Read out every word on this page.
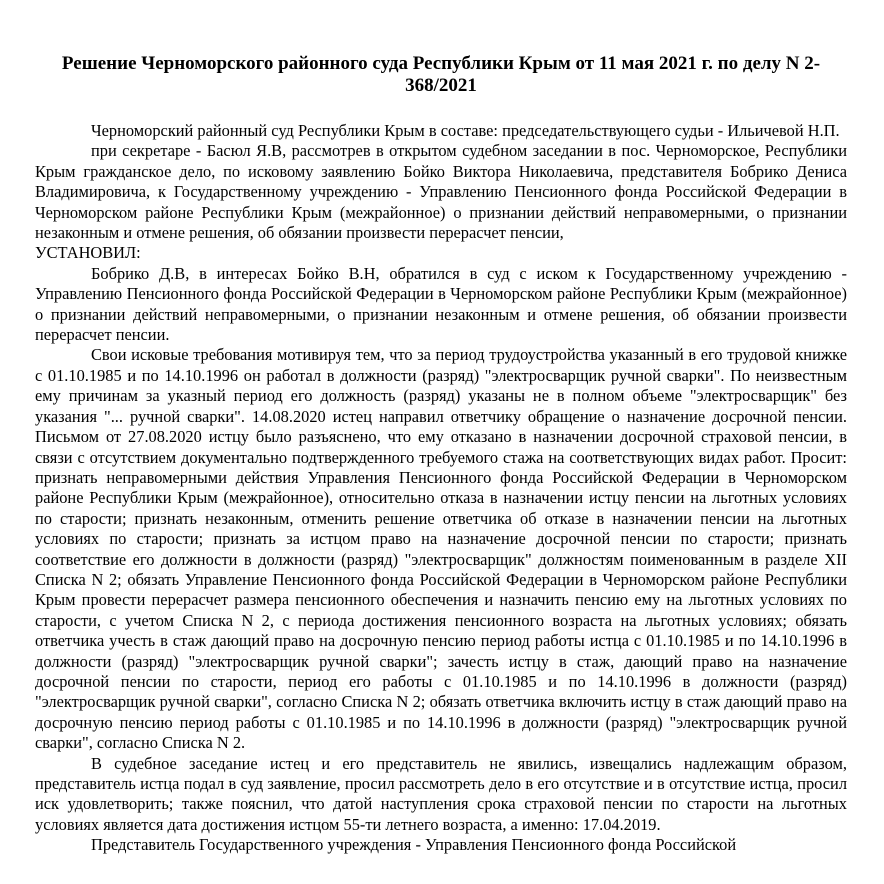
Решение Черноморского районного суда Республики Крым от 11 мая 2021 г. по делу N 2-368/2021

Черноморский районный суд Республики Крым в составе: председательствующего судьи - Ильичевой Н.П.

при секретаре - Басюл Я.В, рассмотрев в открытом судебном заседании в пос. Черноморское, Республики Крым гражданское дело, по исковому заявлению Бойко Виктора Николаевича, представителя Бобрико Дениса Владимировича, к Государственному учреждению - Управлению Пенсионного фонда Российской Федерации в Черноморском районе Республики Крым (межрайонное) о признании действий неправомерными, о признании незаконным и отмене решения, об обязании произвести перерасчет пенсии,

УСТАНОВИЛ:

Бобрико Д.В, в интересах Бойко В.Н, обратился в суд с иском к Государственному учреждению - Управлению Пенсионного фонда Российской Федерации в Черноморском районе Республики Крым (межрайонное) о признании действий неправомерными, о признании незаконным и отмене решения, об обязании произвести перерасчет пенсии.

Свои исковые требования мотивируя тем, что за период трудоустройства указанный в его трудовой книжке с 01.10.1985 и по 14.10.1996 он работал в должности (разряд) "электросварщик ручной сварки". По неизвестным ему причинам за указный период его должность (разряд) указаны не в полном объеме "электросварщик" без указания "... ручной сварки". 14.08.2020 истец направил ответчику обращение о назначение досрочной пенсии. Письмом от 27.08.2020 истцу было разъяснено, что ему отказано в назначении досрочной страховой пенсии, в связи с отсутствием документально подтвержденного требуемого стажа на соответствующих видах работ. Просит: признать неправомерными действия Управления Пенсионного фонда Российской Федерации в Черноморском районе Республики Крым (межрайонное), относительно отказа в назначении истцу пенсии на льготных условиях по старости; признать незаконным, отменить решение ответчика об отказе в назначении пенсии на льготных условиях по старости; признать за истцом право на назначение досрочной пенсии по старости; признать соответствие его должности в должности (разряд) "электросварщик" должностям поименованным в разделе XII Списка N 2; обязать Управление Пенсионного фонда Российской Федерации в Черноморском районе Республики Крым провести перерасчет размера пенсионного обеспечения и назначить пенсию ему на льготных условиях по старости, с учетом Списка N 2, с периода достижения пенсионного возраста на льготных условиях; обязать ответчика учесть в стаж дающий право на досрочную пенсию период работы истца с 01.10.1985 и по 14.10.1996 в должности (разряд) "электросварщик ручной сварки"; зачесть истцу в стаж, дающий право на назначение досрочной пенсии по старости, период его работы с 01.10.1985 и по 14.10.1996 в должности (разряд) "электросварщик ручной сварки", согласно Списка N 2; обязать ответчика включить истцу в стаж дающий право на досрочную пенсию период работы с 01.10.1985 и по 14.10.1996 в должности (разряд) "электросварщик ручной сварки", согласно Списка N 2.

В судебное заседание истец и его представитель не явились, извещались надлежащим образом, представитель истца подал в суд заявление, просил рассмотреть дело в его отсутствие и в отсутствие истца, просил иск удовлетворить; также пояснил, что датой наступления срока страховой пенсии по старости на льготных условиях является дата достижения истцом 55-ти летнего возраста, а именно: 17.04.2019.

Представитель Государственного учреждения - Управления Пенсионного фонда Российской
